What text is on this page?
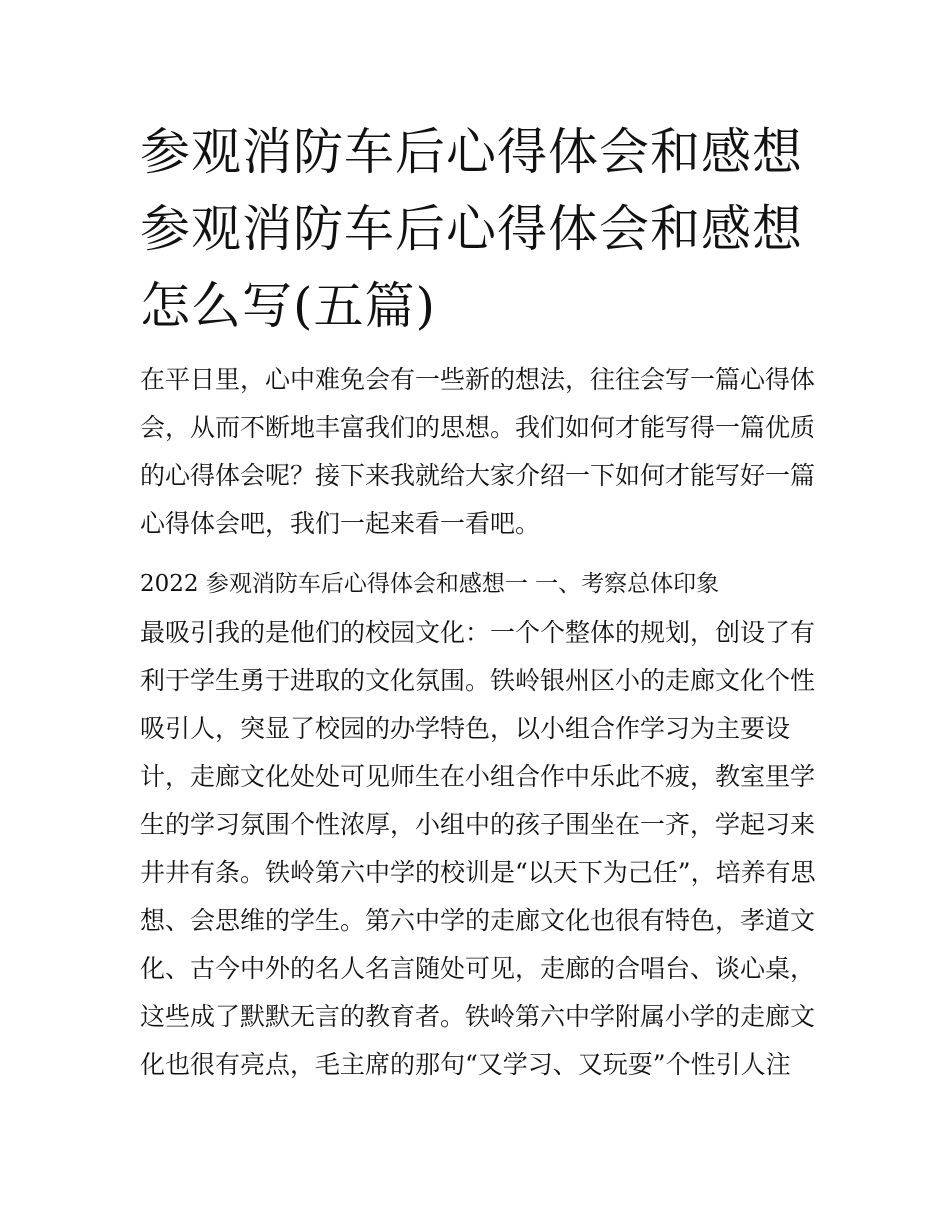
参观消防车后心得体会和感想
参观消防车后心得体会和感想
怎么写(五篇)
在平日里，心中难免会有一些新的想法，往往会写一篇心得体
会，从而不断地丰富我们的思想。我们如何才能写得一篇优质
的心得体会呢？接下来我就给大家介绍一下如何才能写好一篇
心得体会吧，我们一起来看一看吧。
2022 参观消防车后心得体会和感想一 一、考察总体印象
最吸引我的是他们的校园文化：一个个整体的规划，创设了有
利于学生勇于进取的文化氛围。铁岭银州区小的走廊文化个性
吸引人，突显了校园的办学特色，以小组合作学习为主要设
计，走廊文化处处可见师生在小组合作中乐此不疲，教室里学
生的学习氛围个性浓厚，小组中的孩子围坐在一齐，学起习来
井井有条。铁岭第六中学的校训是“以天下为己任”，培养有思
想、会思维的学生。第六中学的走廊文化也很有特色，孝道文
化、古今中外的名人名言随处可见，走廊的合唱台、谈心桌，
这些成了默默无言的教育者。铁岭第六中学附属小学的走廊文
化也很有亮点，毛主席的那句“又学习、又玩耍”个性引人注
